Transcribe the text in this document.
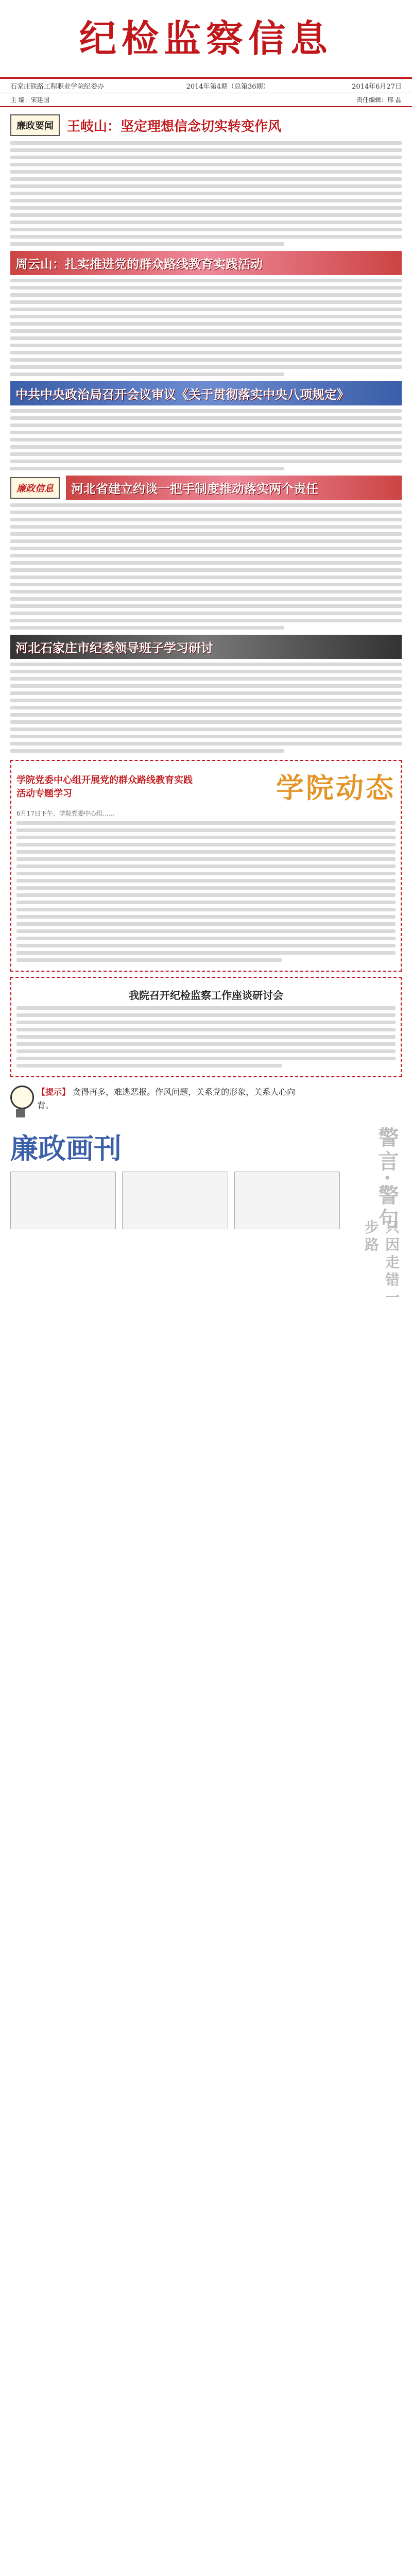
纪检监察信息
石家庄铁路工程职业学院纪委办	2014年第4期（总第36期）	2014年6月27日
主 编：宋建国	责任编辑：邢 晶
廉政要闻	王岐山：坚定理想信念切实转变作风
周云山：扎实推进党的群众路线教育实践活动
中共中央政治局召开会议审议《关于贯彻落实中央八项规定》
廉政信息	河北省建立约谈一把手制度推动落实两个责任
河北石家庄市纪委领导班子学习研讨
学院党委中心组开展党的群众路线教育实践活动专题学习	学院动态
6月17日下午，学院党委中心组……
我院召开纪检监察工作座谈研讨会
【提示】 贪得再多，难逃恶报。作风问题，关系党的形象，关系人心向背。
廉政画刊	警言·警句
只因走错一步路
